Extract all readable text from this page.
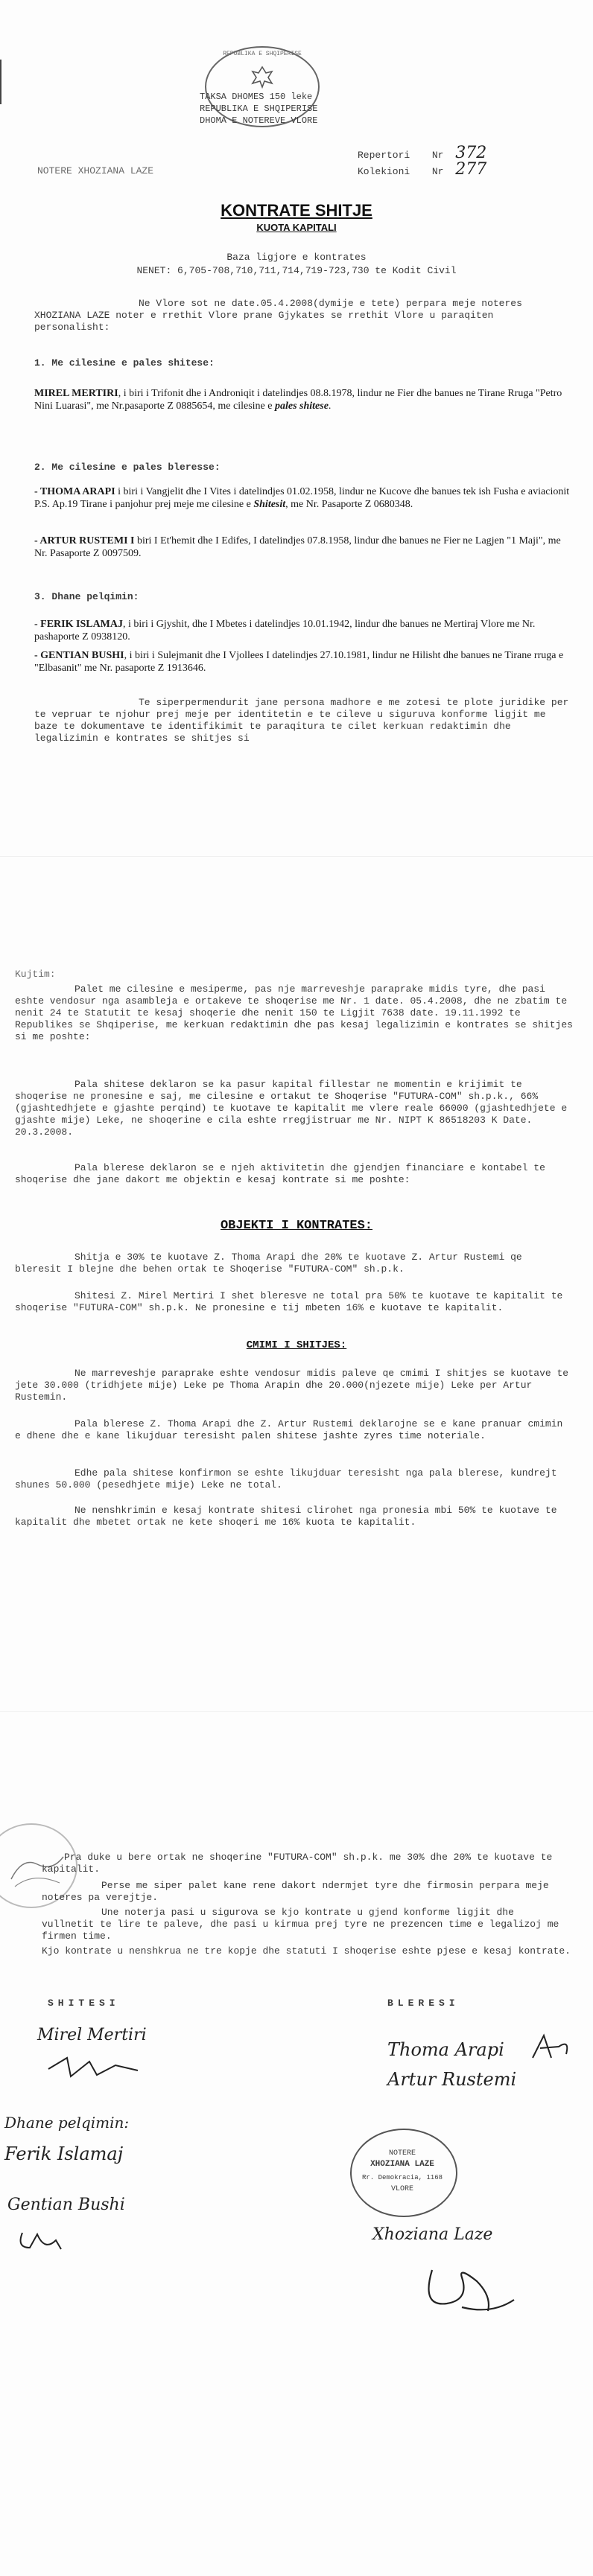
REPUBLIKA E SHQIPERISE
TAKSA DHOMES 150 leke
REPUBLIKA E SHQIPERISE
DHOMA E NOTEREVE VLORE
NOTERE XHOZIANA LAZE
Repertori Nr 372
Kolekioni Nr 277
KONTRATE SHITJE
KUOTA KAPITALI
Baza ligjore e kontrates
NENET: 6,705-708,710,711,714,719-723,730 te Kodit Civil
Ne Vlore sot ne date.05.4.2008(dymije e tete) perpara meje noteres XHOZIANA LAZE noter e rrethit Vlore prane Gjykates se rrethit Vlore u paraqiten personalisht:
1. Me cilesine e pales shitese:
MIREL MERTIRI, i biri i Trifonit dhe i Androniqit i datelindjes 08.8.1978, lindur ne Fier dhe banues ne Tirane Rruga "Petro Nini Luarasi", me Nr.pasaporte Z 0885654, me cilesine e pales shitese.
2. Me cilesine e pales bleresse:
- THOMA ARAPI i biri i Vangjelit dhe I Vites i datelindjes 01.02.1958, lindur ne Kucove dhe banues tek ish Fusha e aviacionit P.S. Ap.19 Tirane i panjohur prej meje me cilesine e Shitesit, me Nr. Pasaporte Z 0680348.
- ARTUR RUSTEMI I biri I Et'hemit dhe I Edifes, I datelindjes 07.8.1958, lindur dhe banues ne Fier ne Lagjen "1 Maji", me Nr. Pasaporte Z 0097509.
3. Dhane pelqimin:
- FERIK ISLAMAJ, i biri i Gjyshit, dhe I Mbetes i datelindjes 10.01.1942, lindur dhe banues ne Mertiraj Vlore me Nr. pashaporte Z 0938120.
- GENTIAN BUSHI, i biri i Sulejmanit dhe I Vjollees I datelindjes 27.10.1981, lindur ne Hilisht dhe banues ne Tirane rruga e "Elbasanit" me Nr. pasaporte Z 1913646.
Te siperpermendurit jane persona madhore e me zotesi te plote juridike per te vepruar te njohur prej meje per identitetin e te cileve u siguruva konforme ligjit me baze te dokumentave te identifikimit te paraqitura te cilet kerkuan redaktimin dhe legalizimin e kontrates se shitjes si
Kujtim:
Palet me cilesine e mesiperme, pas nje marreveshje paraprake midis tyre, dhe pasi eshte vendosur nga asambleja e ortakeve te shoqerise me Nr. 1 date. 05.4.2008, dhe ne zbatim te nenit 24 te Statutit te kesaj shoqerie dhe nenit 150 te Ligjit 7638 date. 19.11.1992 te Republikes se Shqiperise, me kerkuan redaktimin dhe pas kesaj legalizimin e kontrates se shitjes si me poshte:
Pala shitese deklaron se ka pasur kapital fillestar ne momentin e krijimit te shoqerise ne pronesine e saj, me cilesine e ortakut te Shoqerise "FUTURA-COM" sh.p.k., 66% (gjashtedhjete e gjashte perqind) te kuotave te kapitalit me vlere reale 66000 (gjashtedhjete e gjashte mije) Leke, ne shoqerine e cila eshte rregjistruar me Nr. NIPT K 86518203 K Date. 20.3.2008.
Pala blerese deklaron se e njeh aktivitetin dhe gjendjen financiare e kontabel te shoqerise dhe jane dakort me objektin e kesaj kontrate si me poshte:
OBJEKTI I KONTRATES:
Shitja e 30% te kuotave Z. Thoma Arapi dhe 20% te kuotave Z. Artur Rustemi qe bleresit I blejne dhe behen ortak te Shoqerise "FUTURA-COM" sh.p.k.
Shitesi Z. Mirel Mertiri I shet bleresve ne total pra 50% te kuotave te kapitalit te shoqerise "FUTURA-COM" sh.p.k. Ne pronesine e tij mbeten 16% e kuotave te kapitalit.
CMIMI I SHITJES:
Ne marreveshje paraprake eshte vendosur midis paleve qe cmimi I shitjes se kuotave te jete 30.000 (tridhjete mije) Leke pe Thoma Arapin dhe 20.000(njezete mije) Leke per Artur Rustemin.
Pala blerese Z. Thoma Arapi dhe Z. Artur Rustemi deklarojne se e kane pranuar cmimin e dhene dhe e kane likujduar teresisht palen shitese jashte zyres time noteriale.
Edhe pala shitese konfirmon se eshte likujduar teresisht nga pala blerese, kundrejt shunes 50.000 (pesedhjete mije) Leke ne total.
Ne nenshkrimin e kesaj kontrate shitesi clirohet nga pronesia mbi 50% te kuotave te kapitalit dhe mbetet ortak ne kete shoqeri me 16% kuota te kapitalit.
Pra duke u bere ortak ne shoqerine "FUTURA-COM" sh.p.k. me 30% dhe 20% te kuotave te kapitalit.
Perse me siper palet kane rene dakort ndermjet tyre dhe firmosin perpara meje noteres pa verejtje.
Une noterja pasi u sigurova se kjo kontrate u gjend konforme ligjit dhe vullnetit te lire te paleve, dhe pasi u kirmua prej tyre ne prezencen time e legalizoj me firmen time.
Kjo kontrate u nenshkrua ne tre kopje dhe statuti I shoqerise eshte pjese e kesaj kontrate.
SHITESI	BLERESI
Mirel Mertiri
Thoma Arapi
Artur Rustemi
Dhane pelqimin:
Ferik Islamaj
Gentian Bushi
NOTERE
XHOZIANA LAZE
Rr. Demokracia, 1168
VLORE
Xhoziana Laze
